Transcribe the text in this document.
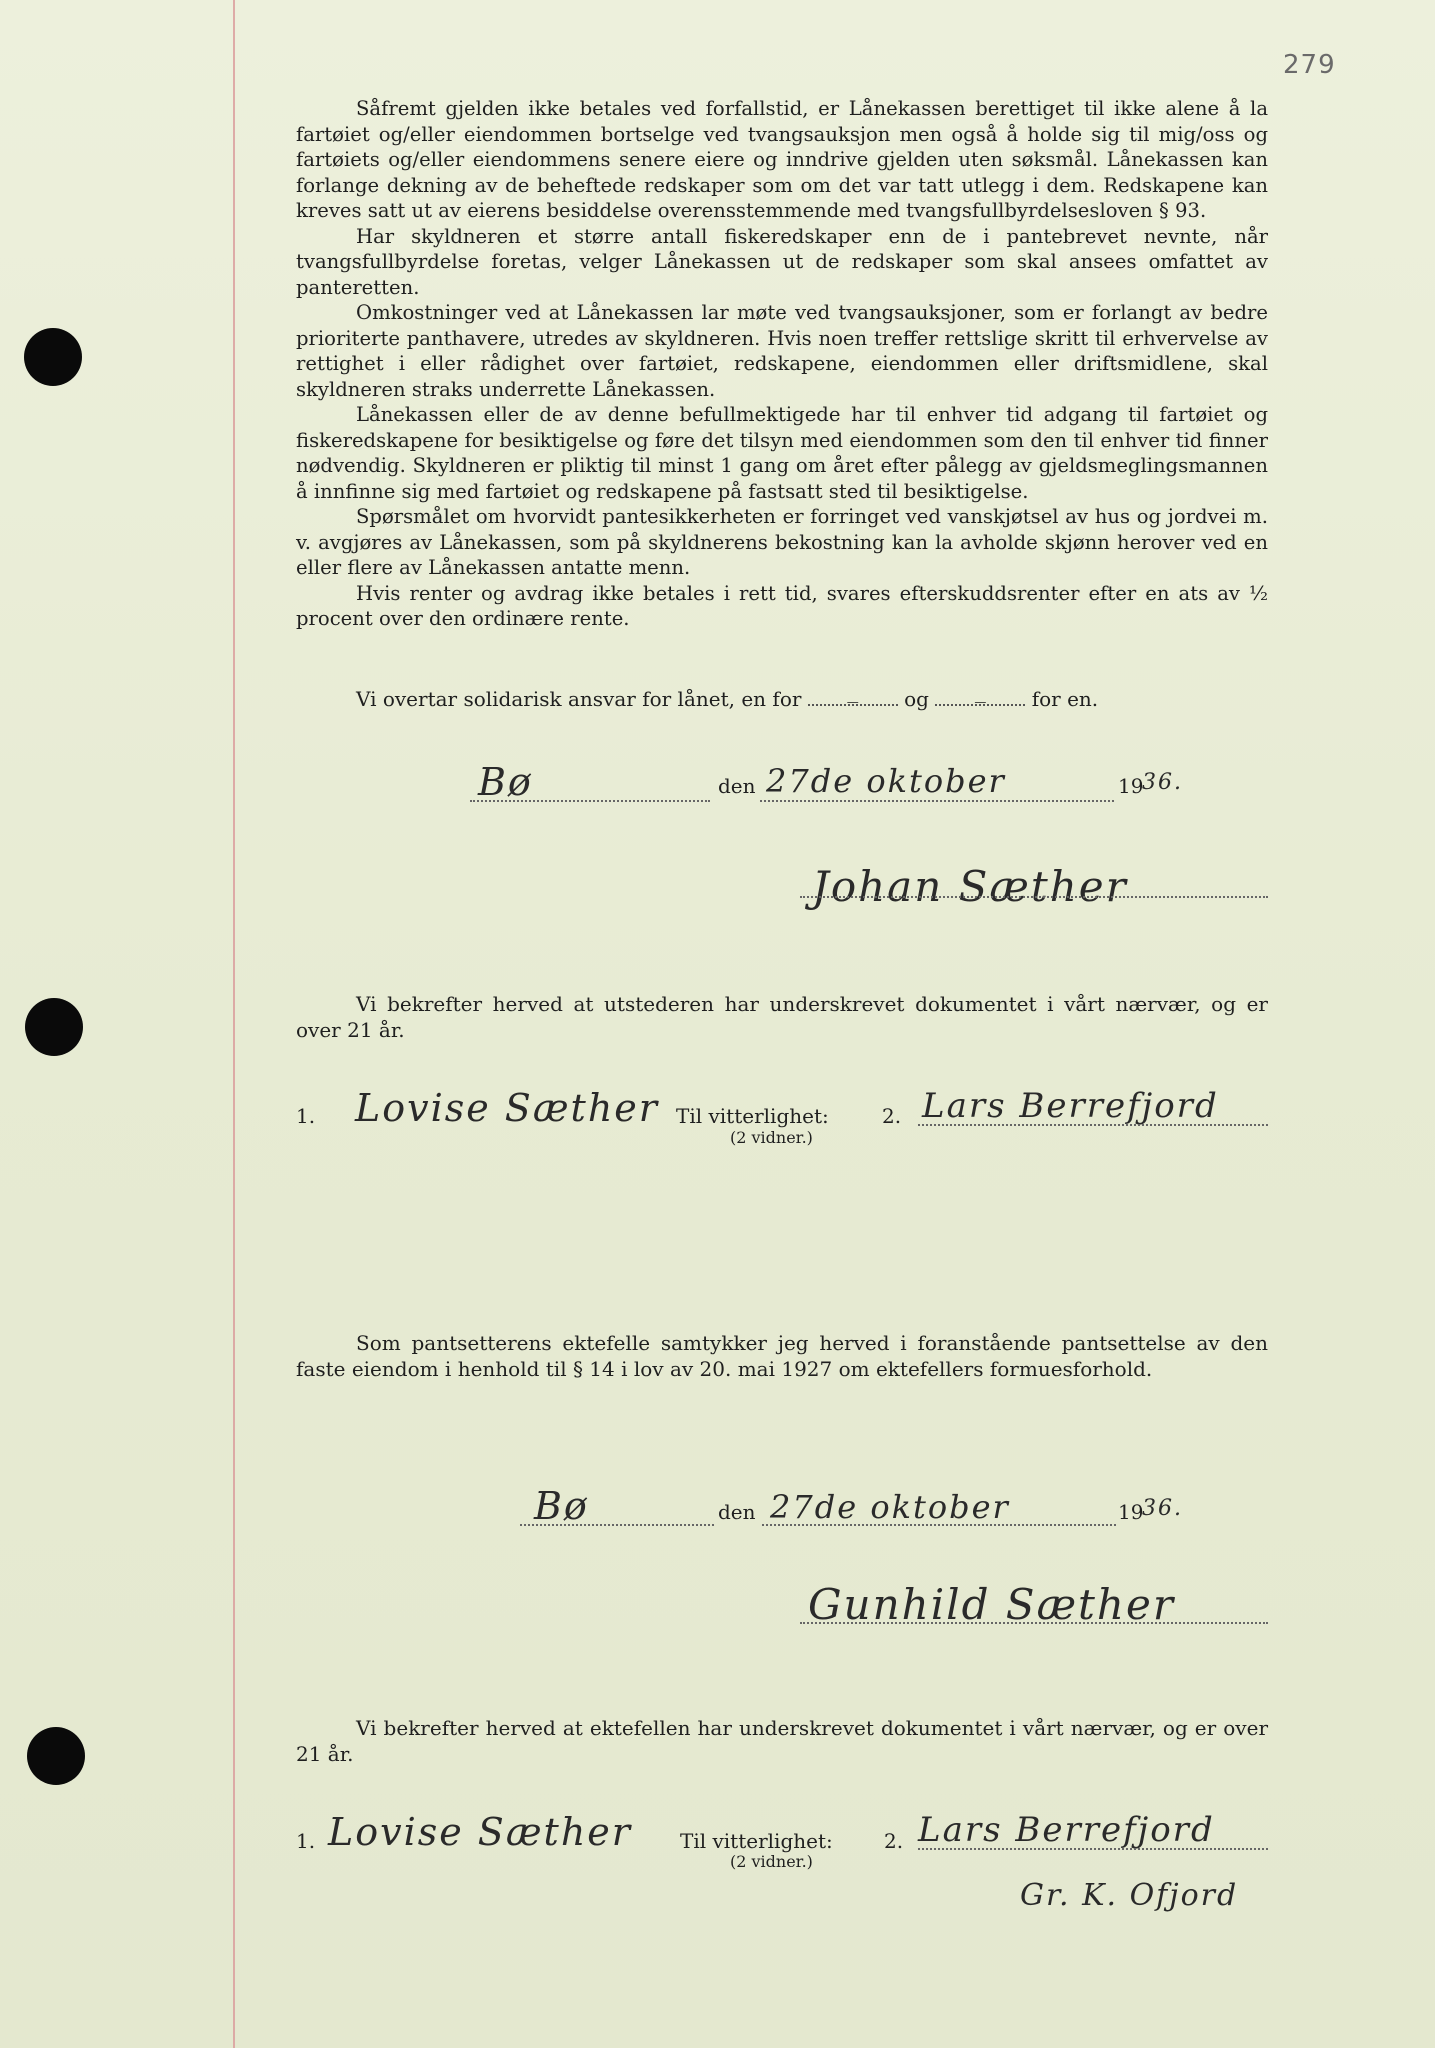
279

Såfremt gjelden ikke betales ved forfallstid, er Lånekassen berettiget til ikke alene å la fartøiet og/eller eiendommen bortselge ved tvangsauksjon men også å holde sig til mig/oss og fartøiets og/eller eiendommens senere eiere og inndrive gjelden uten søksmål. Lånekassen kan forlange dekning av de beheftede redskaper som om det var tatt utlegg i dem. Redskapene kan kreves satt ut av eierens besiddelse overensstemmende med tvangsfullbyrdelsesloven § 93.

Har skyldneren et større antall fiskeredskaper enn de i pantebrevet nevnte, når tvangsfullbyrdelse foretas, velger Lånekassen ut de redskaper som skal ansees omfattet av panteretten.

Omkostninger ved at Lånekassen lar møte ved tvangsauksjoner, som er forlangt av bedre prioriterte panthavere, utredes av skyldneren. Hvis noen treffer rettslige skritt til erhvervelse av rettighet i eller rådighet over fartøiet, redskapene, eiendommen eller driftsmidlene, skal skyldneren straks underrette Lånekassen.

Lånekassen eller de av denne befullmektigede har til enhver tid adgang til fartøiet og fiskeredskapene for besiktigelse og føre det tilsyn med eiendommen som den til enhver tid finner nødvendig. Skyldneren er pliktig til minst 1 gang om året efter pålegg av gjeldsmeglingsmannen å innfinne sig med fartøiet og redskapene på fastsatt sted til besiktigelse.

Spørsmålet om hvorvidt pantesikkerheten er forringet ved vanskjøtsel av hus og jordvei m. v. avgjøres av Lånekassen, som på skyldnerens bekostning kan la avholde skjønn herover ved en eller flere av Lånekassen antatte menn.

Hvis renter og avdrag ikke betales i rett tid, svares efterskuddsrenter efter en ats av ½ procent over den ordinære rente.

Vi overtar solidarisk ansvar for lånet, en for	— og	— for en.
Bø	den 27de oktober	19
36.
Johan Sæther
Vi bekrefter herved at utstederen har underskrevet dokumentet i vårt nærvær, og er over 21 år.
1. Lovise Sæther Til vitterlighet:
(2 vidner.)
2. Lars Berrefjord
Som pantsetterens ektefelle samtykker jeg herved i foranstående pantsettelse av den faste eiendom i henhold til § 14 i lov av 20. mai 1927 om ektefellers formuesforhold.
Bø	den 27de oktober	19
36.
Gunhild Sæther
Vi bekrefter herved at ektefellen har underskrevet dokumentet i vårt nærvær, og er over 21 år.
1. Lovise Sæther Til vitterlighet:
(2 vidner.)
2. Lars Berrefjord
Gr. K. Ofjord
